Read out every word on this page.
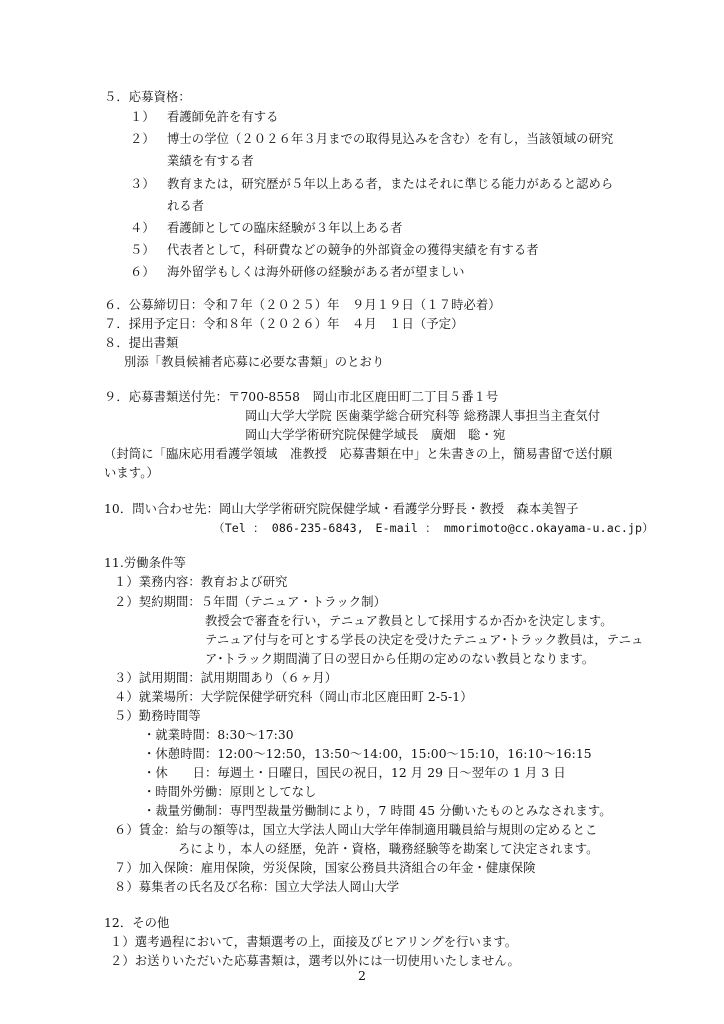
５．応募資格：
１） 看護師免許を有する
２） 博士の学位（２０２６年３月までの取得見込みを含む）を有し，当該領域の研究
業績を有する者
３） 教育または，研究歴が５年以上ある者，またはそれに準じる能力があると認めら
れる者
４） 看護師としての臨床経験が３年以上ある者
５） 代表者として，科研費などの競争的外部資金の獲得実績を有する者
６） 海外留学もしくは海外研修の経験がある者が望ましい
６．公募締切日：令和７年（２０２５）年　９月１９日（１７時必着）
７．採用予定日：令和８年（２０２６）年　４月　１日（予定）
８．提出書類
別添「教員候補者応募に必要な書類」のとおり
９．応募書類送付先：〒700-8558　岡山市北区鹿田町二丁目５番１号
岡山大学大学院 医歯薬学総合研究科等 総務課人事担当主査気付
岡山大学学術研究院保健学域長　廣畑　聡・宛
（封筒に「臨床応用看護学領域　准教授　応募書類在中」と朱書きの上，簡易書留で送付願
います。）
10．問い合わせ先：岡山大学学術研究院保健学域・看護学分野長・教授　森本美智子
（Tel ： 086-235-6843,　E-mail ： mmorimoto@cc.okayama-u.ac.jp）
11.労働条件等
１）業務内容：教育および研究
２）契約期間：５年間（テニュア・トラック制）
教授会で審査を行い，テニュア教員として採用するか否かを決定します。
テニュア付与を可とする学長の決定を受けたテニュア･トラック教員は，テニュ
ア･トラック期間満了日の翌日から任期の定めのない教員となります。
３）試用期間：試用期間あり（６ヶ月）
４）就業場所：大学院保健学研究科（岡山市北区鹿田町 2-5-1）
５）勤務時間等
・就業時間：8:30～17:30
・休憩時間：12:00～12:50，13:50～14:00，15:00～15:10，16:10～16:15
・休　　日：毎週土・日曜日，国民の祝日，12 月 29 日～翌年の 1 月 3 日
・時間外労働：原則としてなし
・裁量労働制：専門型裁量労働制により，7 時間 45 分働いたものとみなされます。
６）賃金：給与の額等は，国立大学法人岡山大学年俸制適用職員給与規則の定めるとこ
ろにより，本人の経歴，免許・資格，職務経験等を勘案して決定されます。
７）加入保険：雇用保険，労災保険，国家公務員共済組合の年金・健康保険
８）募集者の氏名及び名称：国立大学法人岡山大学
12．その他
１）選考過程において，書類選考の上，面接及びヒアリングを行います。
２）お送りいただいた応募書類は，選考以外には一切使用いたしません。
2
